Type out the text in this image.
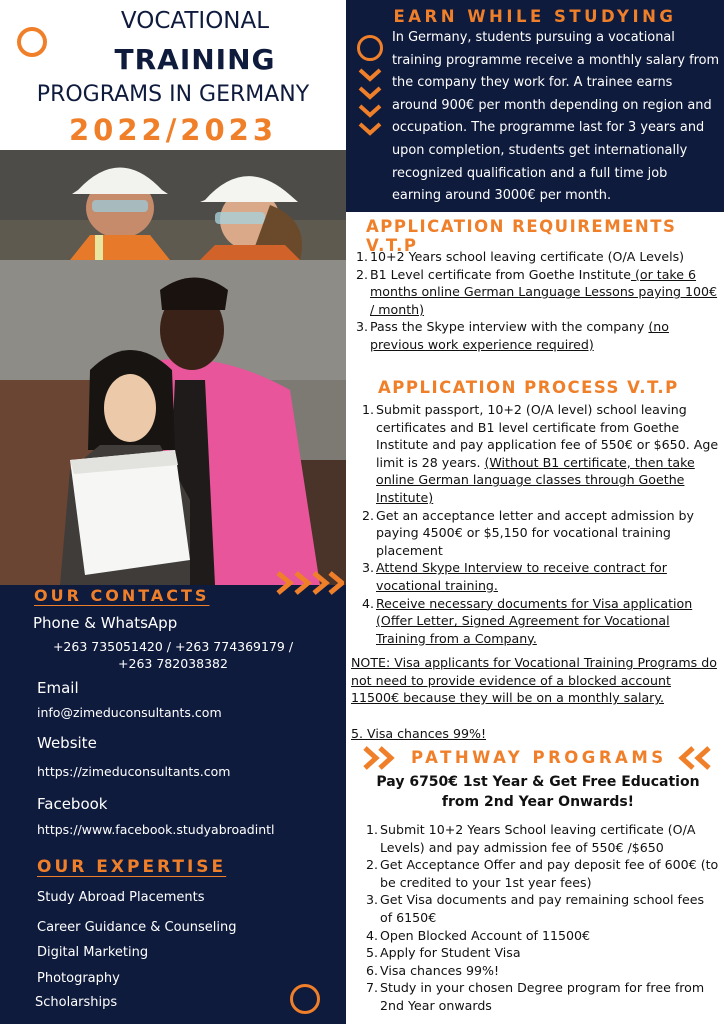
VOCATIONAL
TRAINING
PROGRAMS IN GERMANY
2022/2023
EARN WHILE STUDYING
In Germany, students pursuing a vocational training programme receive a monthly salary from the company they work for. A trainee earns around 900€ per month depending on region and occupation. The programme last for 3 years and upon completion, students get internationally recognized qualification and a full time job earning around 3000€ per month.
OUR CONTACTS
Phone & WhatsApp
+263 735051420 / +263 774369179 /
+263 782038382
Email
info@zimeduconsultants.com
Website
https://zimeduconsultants.com
Facebook
https://www.facebook.studyabroadintl
OUR EXPERTISE
Study Abroad Placements
Career Guidance & Counseling
Digital Marketing
Photography
Scholarships
APPLICATION REQUIREMENTS V.T.P
1. 10+2 Years school leaving certificate (O/A Levels)
2. B1 Level certificate from Goethe Institute (or take 6 months online German Language Lessons paying 100€ / month)
3. Pass the Skype interview with the company (no previous work experience required)
APPLICATION PROCESS V.T.P
1. Submit passport, 10+2 (O/A level) school leaving certificates and B1 level certificate from Goethe Institute and pay application fee of 550€ or $650. Age limit is 28 years. (Without B1 certificate, then take online German language classes through Goethe Institute)
2. Get an acceptance letter and accept admission by paying 4500€ or $5,150 for vocational training placement
3. Attend Skype Interview to receive contract for vocational training.
4. Receive necessary documents for Visa application (Offer Letter, Signed Agreement for Vocational Training from a Company.
NOTE: Visa applicants for Vocational Training Programs do not need to provide evidence of a blocked account 11500€ because they will be on a monthly salary.
5. Visa chances 99%!
PATHWAY PROGRAMS
Pay 6750€ 1st Year & Get Free Education from 2nd Year Onwards!
1. Submit 10+2 Years School leaving certificate (O/A Levels) and pay admission fee of 550€ /$650
2. Get Acceptance Offer and pay deposit fee of 600€ (to be credited to your 1st year fees)
3. Get Visa documents and pay remaining school fees of 6150€
4. Open Blocked Account of 11500€
5. Apply for Student Visa
6. Visa chances 99%!
7. Study in your chosen Degree program for free from 2nd Year onwards
